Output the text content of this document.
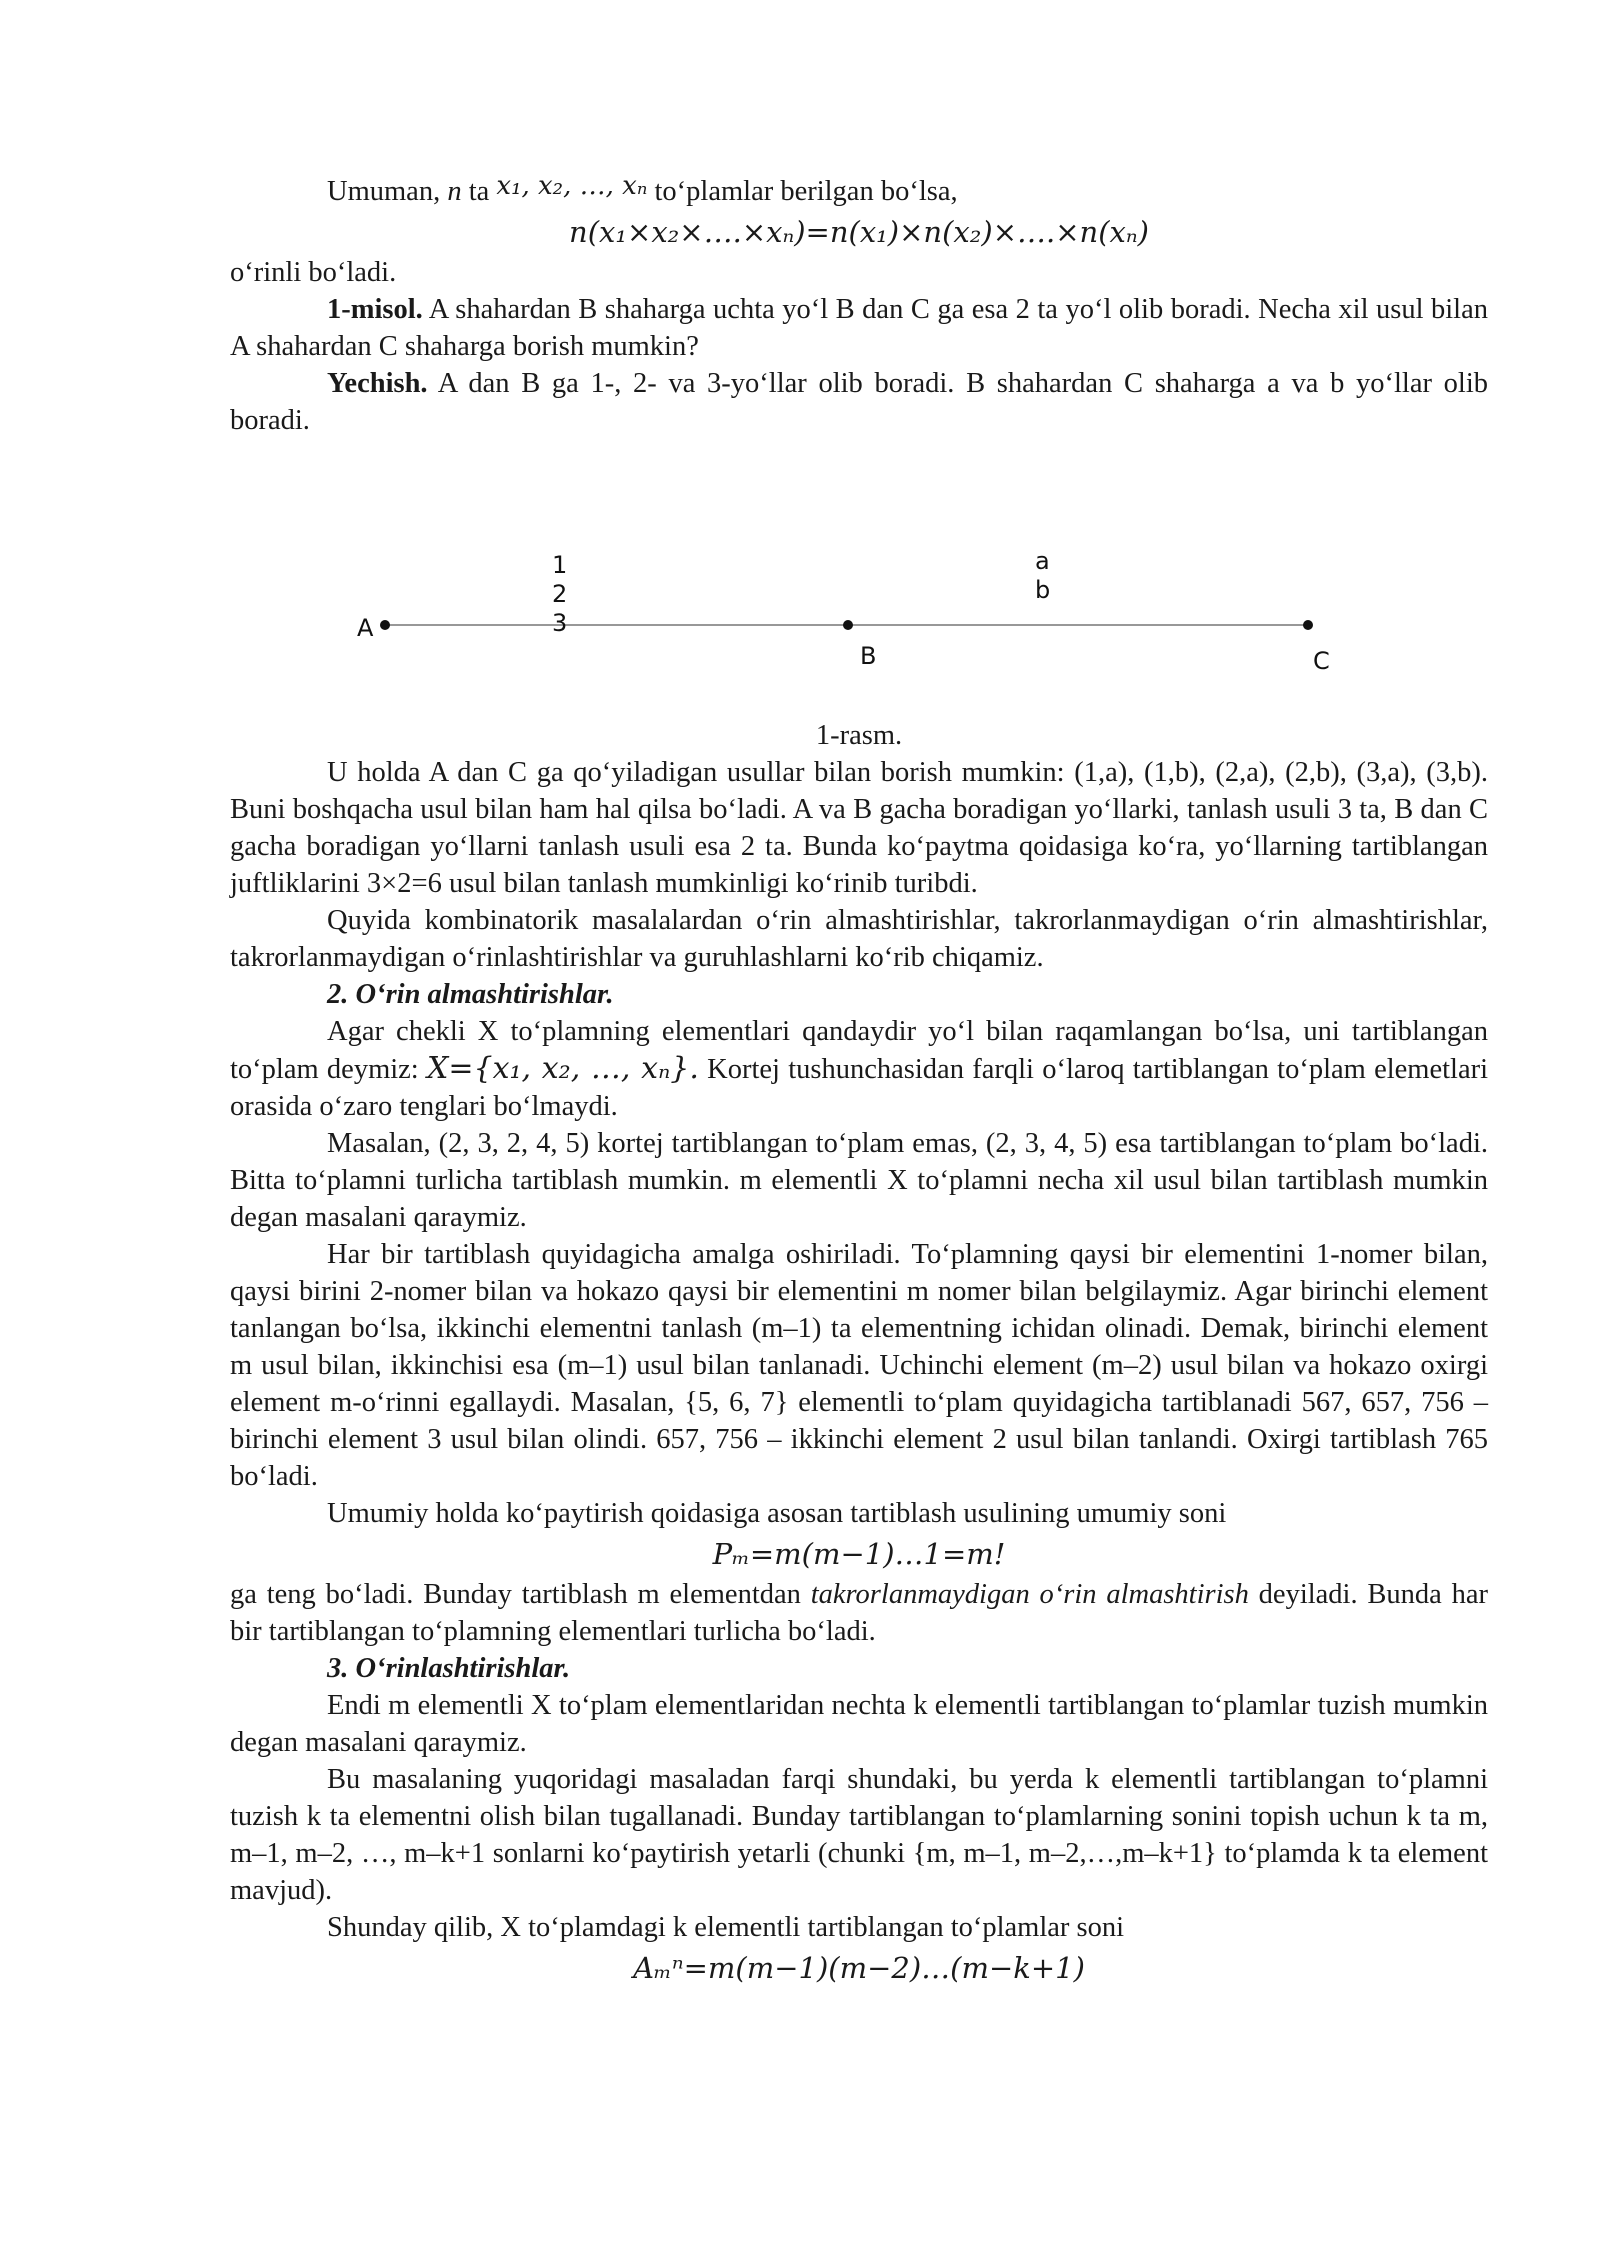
Umuman, n ta x₁, x₂, …, xₙ to‘plamlar berilgan bo‘lsa,

n(x₁×x₂×….×xₙ)=n(x₁)×n(x₂)×….×n(xₙ)

o‘rinli bo‘ladi.

1-misol. A shahardan B shaharga uchta yo‘l B dan C ga esa 2 ta yo‘l olib boradi. Necha xil usul bilan A shahardan C shaharga borish mumkin?

Yechish. A dan B ga 1-, 2- va 3-yo‘llar olib boradi. B shahardan C shaharga a va b yo‘llar olib boradi.

A
B	C
1
2
3
a
b

1-rasm.

U holda A dan C ga qo‘yiladigan usullar bilan borish mumkin: (1,a), (1,b), (2,a), (2,b), (3,a), (3,b). Buni boshqacha usul bilan ham hal qilsa bo‘ladi. A va B gacha boradigan yo‘llarki, tanlash usuli 3 ta, B dan C gacha boradigan yo‘llarni tanlash usuli esa 2 ta. Bunda ko‘paytma qoidasiga ko‘ra, yo‘llarning tartiblangan juftliklarini 3×2=6 usul bilan tanlash mumkinligi ko‘rinib turibdi.

Quyida kombinatorik masalalardan o‘rin almashtirishlar, takrorlanmaydigan o‘rin almashtirishlar, takrorlanmaydigan o‘rinlashtirishlar va guruhlashlarni ko‘rib chiqamiz.

2. O‘rin almashtirishlar.

Agar chekli X to‘plamning elementlari qandaydir yo‘l bilan raqamlangan bo‘lsa, uni tartiblangan to‘plam deymiz: X={x₁, x₂, …, xₙ}. Kortej tushunchasidan farqli o‘laroq tartiblangan to‘plam elemetlari orasida o‘zaro tenglari bo‘lmaydi.

Masalan, (2, 3, 2, 4, 5) kortej tartiblangan to‘plam emas, (2, 3, 4, 5) esa tartiblangan to‘plam bo‘ladi. Bitta to‘plamni turlicha tartiblash mumkin. m elementli X to‘plamni necha xil usul bilan tartiblash mumkin degan masalani qaraymiz.

Har bir tartiblash quyidagicha amalga oshiriladi. To‘plamning qaysi bir elementini 1-nomer bilan, qaysi birini 2-nomer bilan va hokazo qaysi bir elementini m nomer bilan belgilaymiz. Agar birinchi element tanlangan bo‘lsa, ikkinchi elementni tanlash (m–1) ta elementning ichidan olinadi. Demak, birinchi element m usul bilan, ikkinchisi esa (m–1) usul bilan tanlanadi. Uchinchi element (m–2) usul bilan va hokazo oxirgi element m-o‘rinni egallaydi. Masalan, {5, 6, 7} elementli to‘plam quyidagicha tartiblanadi 567, 657, 756 – birinchi element 3 usul bilan olindi. 657, 756 – ikkinchi element 2 usul bilan tanlandi. Oxirgi tartiblash 765 bo‘ladi.

Umumiy holda ko‘paytirish qoidasiga asosan tartiblash usulining umumiy soni

Pₘ=m(m−1)…1=m!

ga teng bo‘ladi. Bunday tartiblash m elementdan takrorlanmaydigan o‘rin almashtirish deyiladi. Bunda har bir tartiblangan to‘plamning elementlari turlicha bo‘ladi.

3. O‘rinlashtirishlar.

Endi m elementli X to‘plam elementlaridan nechta k elementli tartiblangan to‘plamlar tuzish mumkin degan masalani qaraymiz.

Bu masalaning yuqoridagi masaladan farqi shundaki, bu yerda k elementli tartiblangan to‘plamni tuzish k ta elementni olish bilan tugallanadi. Bunday tartiblangan to‘plamlarning sonini topish uchun k ta m, m–1, m–2, …, m–k+1 sonlarni ko‘paytirish yetarli (chunki {m, m–1, m–2,…,m–k+1} to‘plamda k ta element mavjud).

Shunday qilib, X to‘plamdagi k elementli tartiblangan to‘plamlar soni

Aₘⁿ=m(m−1)(m−2)…(m−k+1)
